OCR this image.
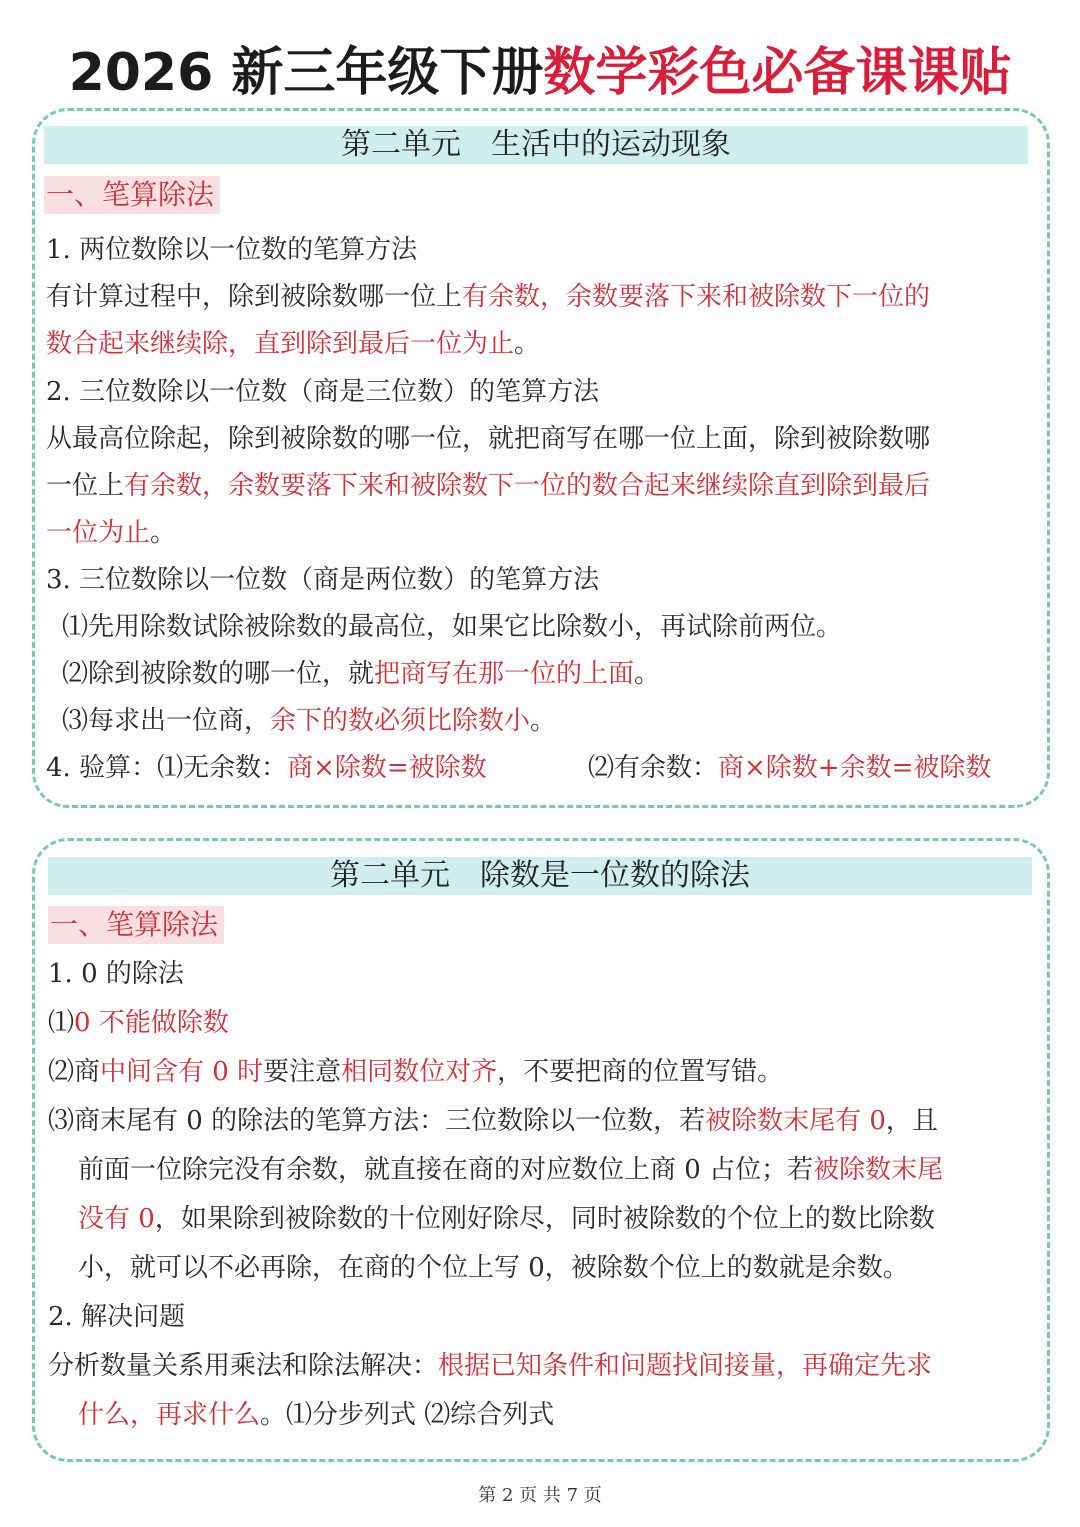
2026 新三年级下册数学彩色必备课课贴
第二单元　生活中的运动现象
一、笔算除法
1. 两位数除以一位数的笔算方法
有计算过程中，除到被除数哪一位上有余数，余数要落下来和被除数下一位的
数合起来继续除，直到除到最后一位为止。
2. 三位数除以一位数（商是三位数）的笔算方法
从最高位除起，除到被除数的哪一位，就把商写在哪一位上面，除到被除数哪
一位上有余数，余数要落下来和被除数下一位的数合起来继续除直到除到最后
一位为止。
3. 三位数除以一位数（商是两位数）的笔算方法
⑴先用除数试除被除数的最高位，如果它比除数小，再试除前两位。
⑵除到被除数的哪一位，就把商写在那一位的上面。
⑶每求出一位商，余下的数必须比除数小。
4. 验算：⑴无余数：商×除数=被除数	⑵有余数：商×除数+余数=被除数
第二单元　除数是一位数的除法
一、笔算除法
1. 0 的除法
⑴0 不能做除数
⑵商中间含有 0 时要注意相同数位对齐，不要把商的位置写错。
⑶商末尾有 0 的除法的笔算方法：三位数除以一位数，若被除数末尾有 0，且
前面一位除完没有余数，就直接在商的对应数位上商 0 占位；若被除数末尾
没有 0，如果除到被除数的十位刚好除尽，同时被除数的个位上的数比除数
小，就可以不必再除，在商的个位上写 0，被除数个位上的数就是余数。
2. 解决问题
分析数量关系用乘法和除法解决：根据已知条件和问题找间接量，再确定先求
什么，再求什么。⑴分步列式 ⑵综合列式
第 2 页 共 7 页
